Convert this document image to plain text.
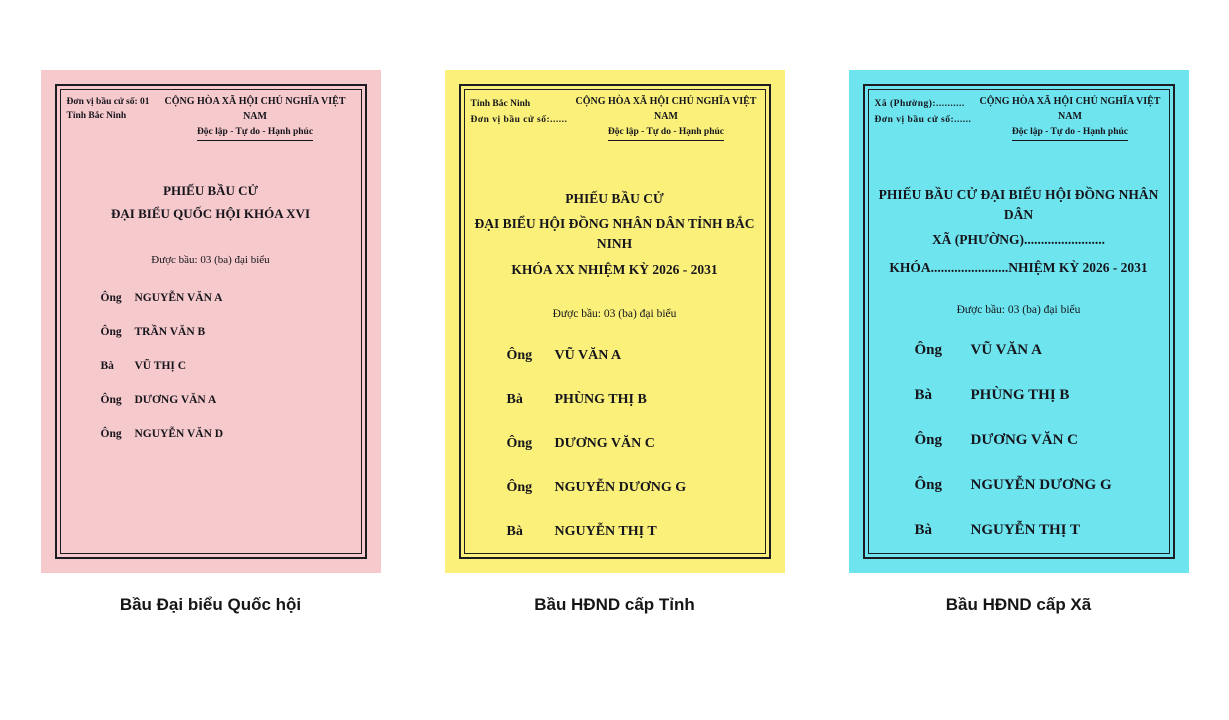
Đơn vị bầu cử số: 01
Tỉnh Bắc Ninh
CỘNG HÒA XÃ HỘI CHỦ NGHĨA VIỆT NAM
Độc lập - Tự do - Hạnh phúc
PHIẾU BẦU CỬ
ĐẠI BIỂU QUỐC HỘI KHÓA XVI
Được bầu: 03 (ba) đại biểu
Ông	NGUYỄN VĂN A
Ông	TRẦN VĂN B
Bà	VŨ THỊ C
Ông	DƯƠNG VĂN A
Ông	NGUYỄN VĂN D
Bầu Đại biểu Quốc hội
Tỉnh Bắc Ninh
Đơn vị bầu cử số:......
CỘNG HÒA XÃ HỘI CHỦ NGHĨA VIỆT NAM
Độc lập - Tự do - Hạnh phúc
PHIẾU BẦU CỬ
ĐẠI BIỂU HỘI ĐỒNG NHÂN DÂN TỈNH BẮC NINH
KHÓA XX NHIỆM KỲ 2026 - 2031
Được bầu: 03 (ba) đại biểu
Ông	VŨ VĂN A
Bà	PHÙNG THỊ B
Ông	DƯƠNG VĂN C
Ông	NGUYỄN DƯƠNG G
Bà	NGUYỄN THỊ T
Bầu HĐND cấp Tỉnh
Xã (Phường):..........
Đơn vị bầu cử số:......
CỘNG HÒA XÃ HỘI CHỦ NGHĨA VIỆT NAM
Độc lập - Tự do - Hạnh phúc
PHIẾU BẦU CỬ ĐẠI BIỂU HỘI ĐỒNG NHÂN DÂN
XÃ (PHƯỜNG)........................
KHÓA.......................NHIỆM KỲ 2026 - 2031
Được bầu: 03 (ba) đại biểu
Ông	VŨ VĂN A
Bà	PHÙNG THỊ B
Ông	DƯƠNG VĂN C
Ông	NGUYỄN DƯƠNG G
Bà	NGUYỄN THỊ T
Bầu HĐND cấp Xã
